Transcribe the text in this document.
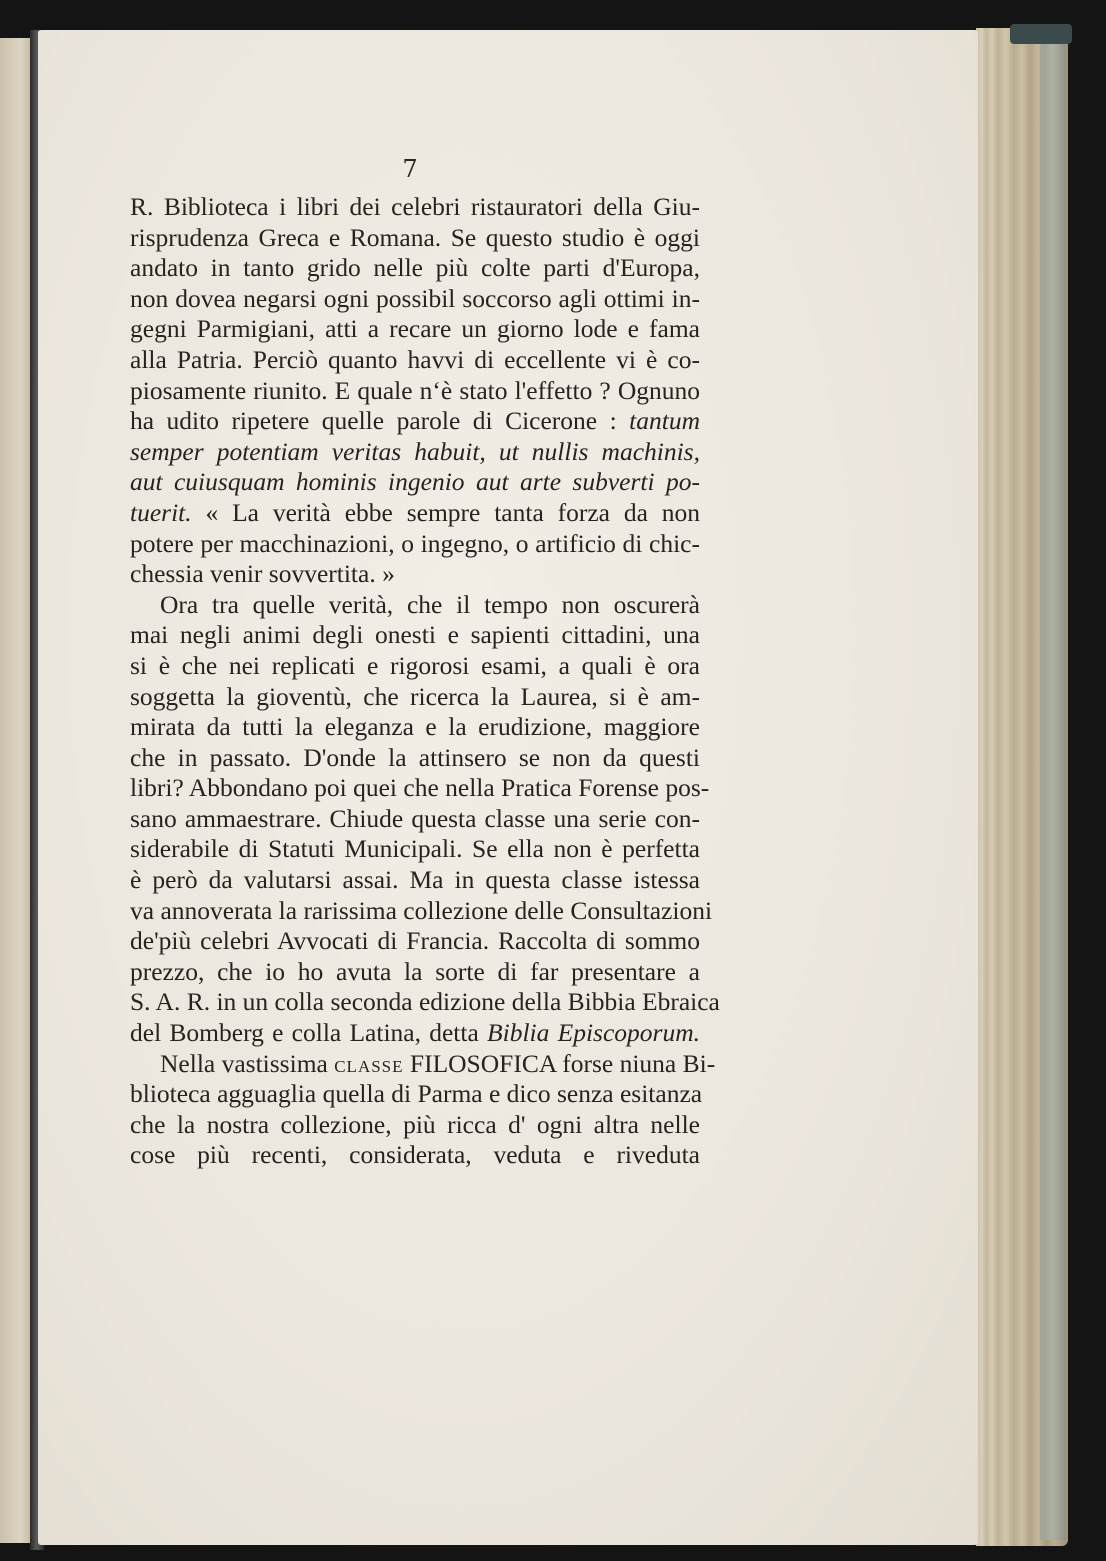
7
R. Biblioteca i libri dei celebri ristauratori della Giu-
risprudenza Greca e Romana. Se questo studio è oggi
andato in tanto grido nelle più colte parti d'Europa,
non dovea negarsi ogni possibil soccorso agli ottimi in-
gegni Parmigiani, atti a recare un giorno lode e fama
alla Patria. Perciò quanto havvi di eccellente vi è co-
piosamente riunito. E quale nʻè stato l'effetto ? Ognuno
ha udito ripetere quelle parole di Cicerone : tantum
semper potentiam veritas habuit, ut nullis machinis,
aut cuiusquam hominis ingenio aut arte subverti po-
tuerit. « La verità ebbe sempre tanta forza da non
potere per macchinazioni, o ingegno, o artificio di chic-
chessia venir sovvertita. »
Ora tra quelle verità, che il tempo non oscurerà
mai negli animi degli onesti e sapienti cittadini, una
si è che nei replicati e rigorosi esami, a quali è ora
soggetta la gioventù, che ricerca la Laurea, si è am-
mirata da tutti la eleganza e la erudizione, maggiore
che in passato. D'onde la attinsero se non da questi
libri? Abbondano poi quei che nella Pratica Forense pos-
sano ammaestrare. Chiude questa classe una serie con-
siderabile di Statuti Municipali. Se ella non è perfetta
è però da valutarsi assai. Ma in questa classe istessa
va annoverata la rarissima collezione delle Consultazioni
de'più celebri Avvocati di Francia. Raccolta di sommo
prezzo, che io ho avuta la sorte di far presentare a
S. A. R. in un colla seconda edizione della Bibbia Ebraica
del Bomberg e colla Latina, detta Biblia Episcoporum.
Nella vastissima CLASSE FILOSOFICA forse niuna Bi-
blioteca agguaglia quella di Parma e dico senza esitanza
che la nostra collezione, più ricca d' ogni altra nelle
cose più recenti, considerata, veduta e riveduta
